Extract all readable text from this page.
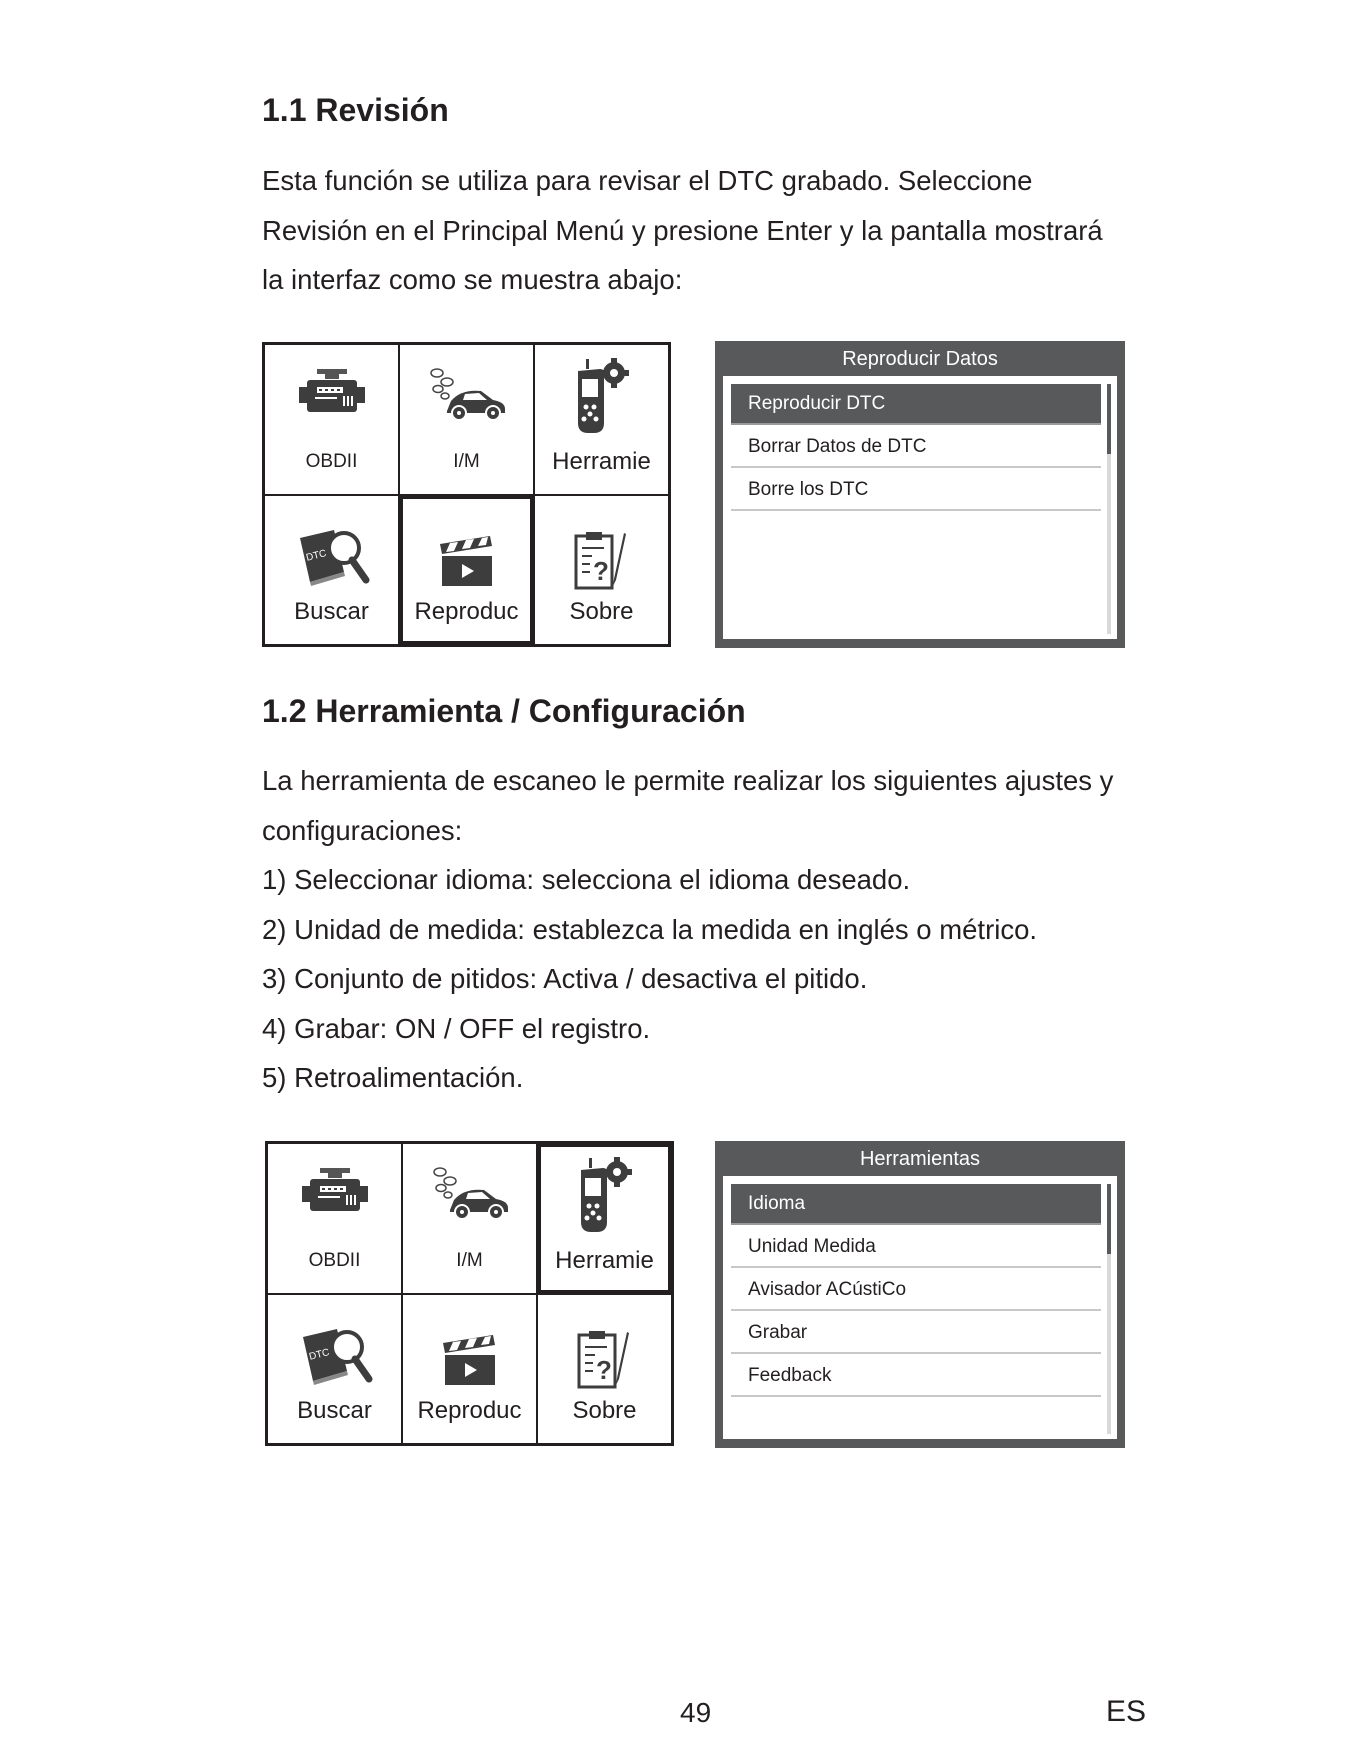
1.1 Revisión
Esta función se utiliza para revisar el DTC grabado. Seleccione
Revisión en el Principal Menú y presione Enter y la pantalla mostrará
la interfaz como se muestra abajo:
OBDII	I/M	Herramie
DTC
Buscar	Reproduc
?
Sobre
Reproducir Datos
Reproducir DTC
Borrar Datos de DTC
Borre los DTC
1.2 Herramienta / Configuración
La herramienta de escaneo le permite realizar los siguientes ajustes y
configuraciones:
1) Seleccionar idioma: selecciona el idioma deseado.
2) Unidad de medida: establezca la medida en inglés o métrico.
3) Conjunto de pitidos: Activa / desactiva el pitido.
4) Grabar: ON / OFF el registro.
5) Retroalimentación.
OBDII	I/M	Herramie
DTC
Buscar	Reproduc
?
Sobre
Herramientas
Idioma
Unidad Medida
Avisador ACústiCo
Grabar
Feedback
49	ES
